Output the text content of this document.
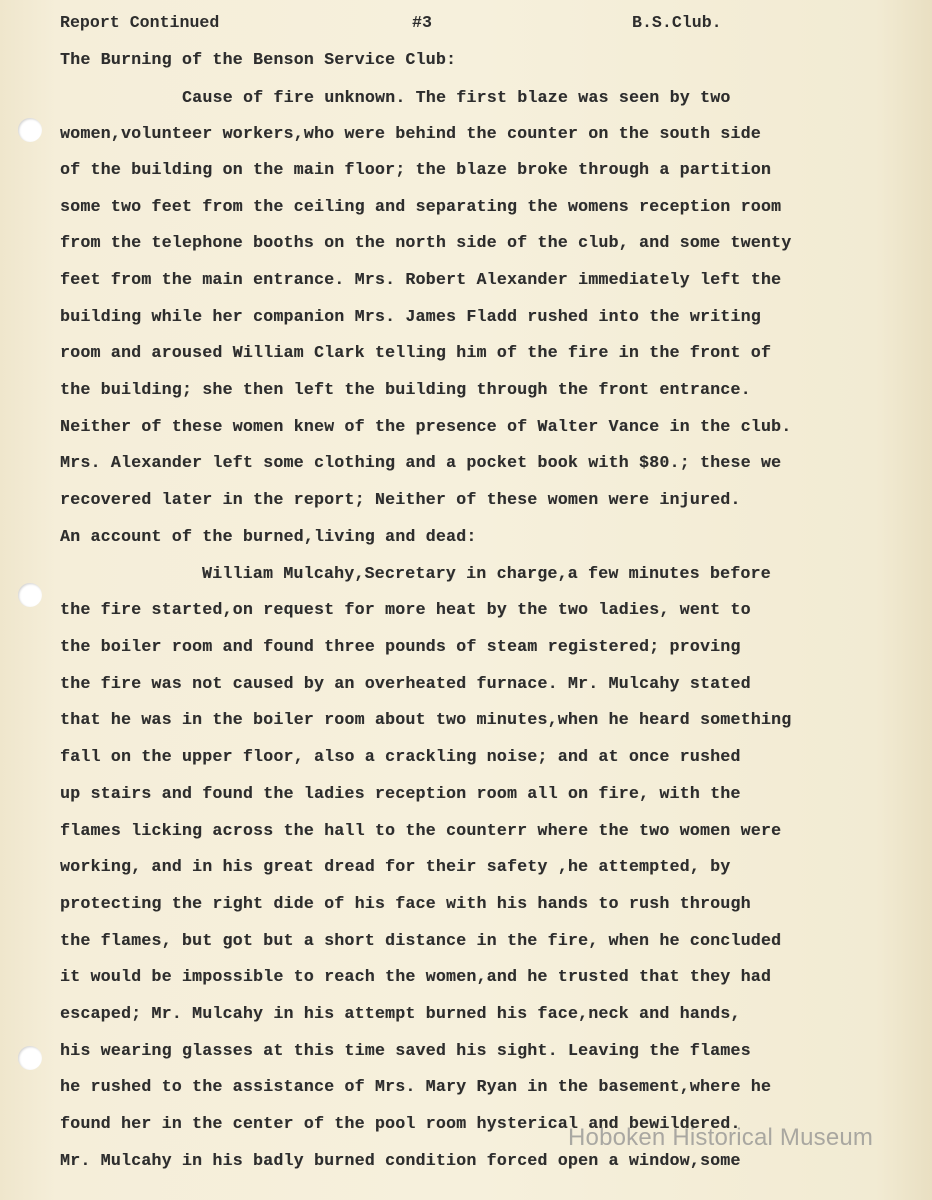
Report Continued	#3	B.S.Club.
The Burning of the Benson Service Club:
Cause of fire unknown. The first blaze was seen by two
women,volunteer workers,who were behind the counter on the south side
of the building on the main floor; the blaze broke through a partition
some two feet from the ceiling and separating the womens reception room
from the telephone booths on the north side of the club, and some twenty
feet from the main entrance. Mrs. Robert Alexander immediately left the
building while her companion Mrs. James Fladd rushed into the writing
room and aroused William Clark telling him of the fire in the front of
the building; she then left the building through the front entrance.
Neither of these women knew of the presence of Walter Vance in the club.
Mrs. Alexander left some clothing and a pocket book with $80.; these we
recovered later in the report; Neither of these women were injured.
An account of the burned,living and dead:
William Mulcahy,Secretary in charge,a few minutes before
the fire started,on request for more heat by the two ladies, went to
the boiler room and found three pounds of steam registered; proving
the fire was not caused by an overheated furnace. Mr. Mulcahy stated
that he was in the boiler room about two minutes,when he heard something
fall on the upper floor, also a crackling noise; and at once rushed
up stairs and found the ladies reception room all on fire, with the
flames licking across the hall to the counterr where the two women were
working, and in his great dread for their safety ,he attempted, by
protecting the right dide of his face with his hands to rush through
the flames, but got but a short distance in the fire, when he concluded
it would be impossible to reach the women,and he trusted that they had
escaped; Mr. Mulcahy in his attempt burned his face,neck and hands,
his wearing glasses at this time saved his sight. Leaving the flames
he rushed to the assistance of Mrs. Mary Ryan in the basement,where he
found her in the center of the pool room hysterical and bewildered.
Mr. Mulcahy in his badly burned condition forced open a window,some
Hoboken Historical Museum
